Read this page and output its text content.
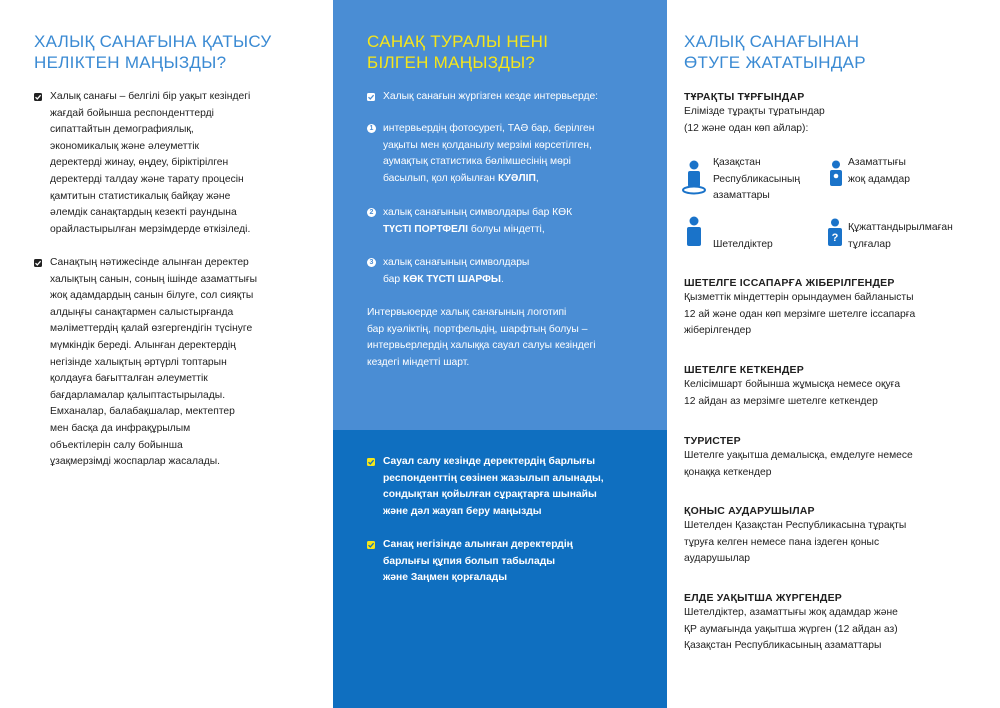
ХАЛЫҚ САНАҒЫНА ҚАТЫСУ
НЕЛІКТЕН МАҢЫЗДЫ?
Халық санағы – белгілі бір уақыт кезіндегі
жағдай бойынша респонденттерді
сипаттайтын демографиялық,
экономикалық және әлеуметтік
деректерді жинау, өңдеу, біріктірілген
деректерді талдау және тарату процесін
қамтитын статистикалық байқау және
әлемдік санақтардың кезекті раундына
орайластырылған мерзімдерде өткізіледі.
Санақтың нәтижесінде алынған деректер
халықтың санын, соның ішінде азаматтығы
жоқ адамдардың санын білуге, сол сияқты
алдыңғы санақтармен салыстырғанда
мәліметтердің қалай өзгергендігін түсінуге
мүмкіндік береді. Алынған деректердің
негізінде халықтың әртүрлі топтарын
қолдауға бағытталған әлеуметтік
бағдарламалар қалыптастырылады.
Емханалар, балабақшалар, мектептер
мен басқа да инфрақұрылым
объектілерін салу бойынша
ұзақмерзімді жоспарлар жасалады.
САНАҚ ТУРАЛЫ НЕНІ
БІЛГЕН МАҢЫЗДЫ?
Халық санағын жүргізген кезде интервьерде:
1 интервьердің фотосуреті, ТАӘ бар, берілген
уақыты мен қолданылу мерзімі көрсетілген,
аумақтық статистика бөлімшесінің мөрі
басылып, қол қойылған КУӘЛІП,
2 халық санағының символдары бар КӨК
ТҮСТІ ПОРТФЕЛІ болуы міндетті,
3 халық санағының символдары
бар КӨК ТҮСТІ ШАРФЫ.
Интервьюерде халық санағының логотипі
бар куәліктің, портфельдің, шарфтың болуы –
интервьерлердің халыққа сауал салуы кезіндегі
кездегі міндетті шарт.
Сауал салу кезінде деректердің барлығы
респонденттің сөзінен жазылып алынады,
сондықтан қойылған сұрақтарға шынайы
және дәл жауап беру маңызды
Санақ негізінде алынған деректердің
барлығы құпия болып табылады
және Заңмен қорғалады
ХАЛЫҚ САНАҒЫНАН
ӨТУГЕ ЖАТАТЫНДАР
ТҰРАҚТЫ ТҰРҒЫНДАР
Елімізде тұрақты тұратындар
(12 және одан көп айлар):
Қазақстан
Республикасының
азаматтары
Азаматтығы
жоқ адамдар
Шетелдіктер
?
Құжаттандырылмаған
тұлғалар
ШЕТЕЛГЕ ІССАПАРҒА ЖІБЕРІЛГЕНДЕР
Қызметтік міндеттерін орындаумен байланысты
12 ай және одан көп мерзімге шетелге іссапарға
жіберілгендер
ШЕТЕЛГЕ КЕТКЕНДЕР
Келісімшарт бойынша жұмысқа немесе оқуға
12 айдан аз мерзімге шетелге кеткендер
ТУРИСТЕР
Шетелге уақытша демалысқа, емделуге немесе
қонаққа кеткендер
ҚОНЫС АУДАРУШЫЛАР
Шетелден Қазақстан Республикасына тұрақты
тұруға келген немесе пана іздеген қоныс
аударушылар
ЕЛДЕ УАҚЫТША ЖҮРГЕНДЕР
Шетелдіктер, азаматтығы жоқ адамдар және
ҚР аумағында уақытша жүрген (12 айдан аз)
Қазақстан Республикасының азаматтары
